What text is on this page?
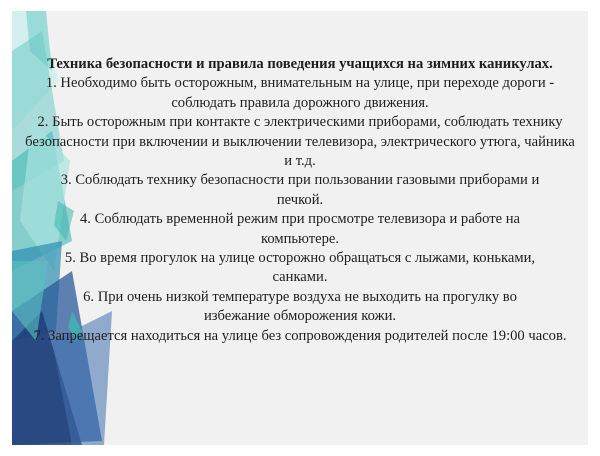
Техника безопасности и правила поведения учащихся на зимних каникулах.

1. Необходимо быть осторожным, внимательным на улице, при переходе дороги - соблюдать правила дорожного движения.

2. Быть осторожным при контакте с электрическими приборами, соблюдать технику безопасности при включении и выключении телевизора, электрического утюга, чайника и т.д.

3. Соблюдать технику безопасности при пользовании газовыми приборами и печкой.

4. Соблюдать временной режим при просмотре телевизора и работе на компьютере.

5. Во время прогулок на улице осторожно обращаться с лыжами, коньками, санками.

6. При очень низкой температуре воздуха не выходить на прогулку во избежание обморожения кожи.

7. Запрещается находиться на улице без сопровождения родителей после 19:00 часов.
